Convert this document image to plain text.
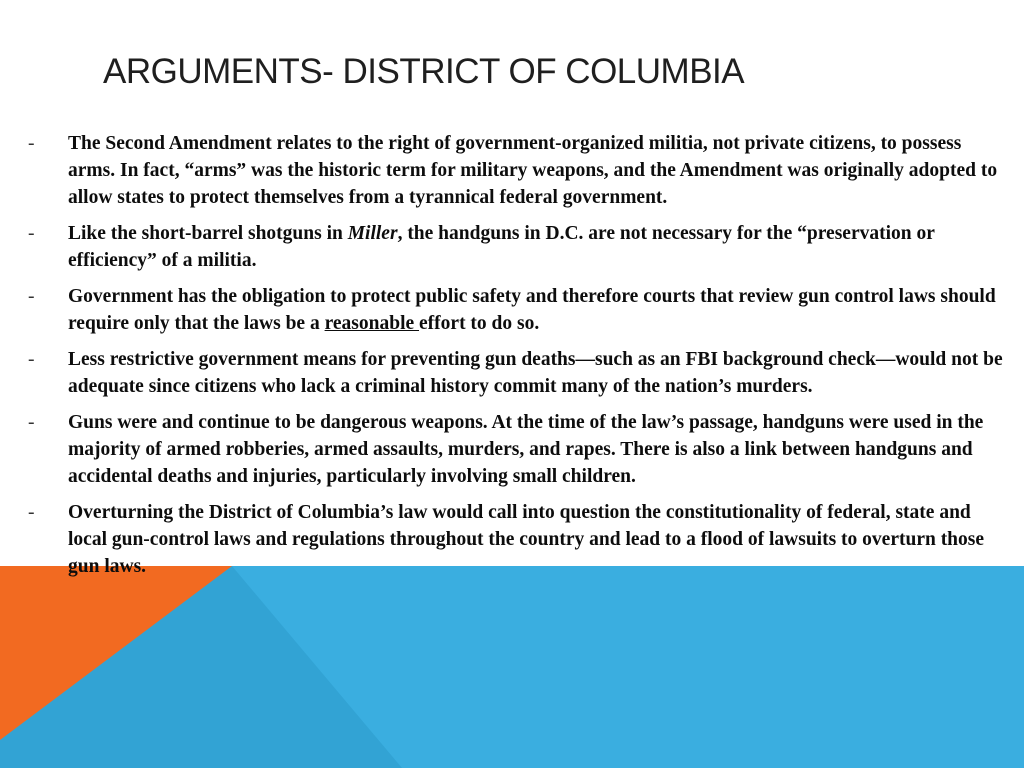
ARGUMENTS- DISTRICT OF COLUMBIA
- The Second Amendment relates to the right of government-organized militia, not private citizens, to possess arms. In fact, “arms” was the historic term for military weapons, and the Amendment was originally adopted to allow states to protect themselves from a tyrannical federal government.
- Like the short-barrel shotguns in Miller, the handguns in D.C. are not necessary for the “preservation or efficiency” of a militia.
- Government has the obligation to protect public safety and therefore courts that review gun control laws should require only that the laws be a reasonable effort to do so.
- Less restrictive government means for preventing gun deaths—such as an FBI background check—would not be adequate since citizens who lack a criminal history commit many of the nation’s murders.
- Guns were and continue to be dangerous weapons. At the time of the law’s passage, handguns were used in the majority of armed robberies, armed assaults, murders, and rapes. There is also a link between handguns and accidental deaths and injuries, particularly involving small children.
- Overturning the District of Columbia’s law would call into question the constitutionality of federal, state and local gun-control laws and regulations throughout the country and lead to a flood of lawsuits to overturn those gun laws.
